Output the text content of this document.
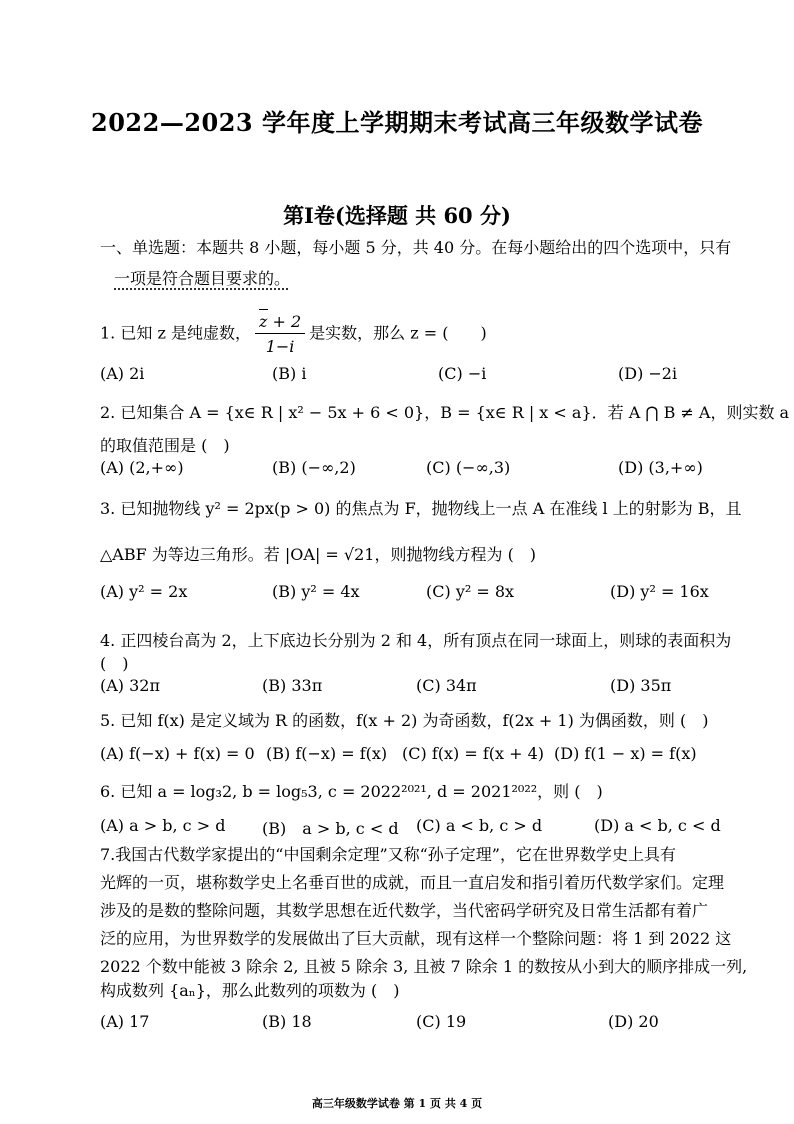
2022—2023 学年度上学期期末考试高三年级数学试卷
第Ⅰ卷(选择题 共 60 分)
一、单选题：本题共 8 小题，每小题 5 分，共 40 分。在每小题给出的四个选项中，只有
一项是符合题目要求的。
1. 已知 z 是纯虚数， $\frac{z + 2}{1-i}$ 是实数，那么 z = (　　)
(A) 2i	(B) i	(C) −i	(D) −2i
2. 已知集合 A = {x∈ R | x² − 5x + 6 < 0}，B = {x∈ R | x < a}．若 A ⋂ B ≠ A，则实数 a
的取值范围是 (　)
(A) (2,+∞)	(B) (−∞,2)	(C) (−∞,3)	(D) (3,+∞)
3. 已知抛物线 y² = 2px(p > 0) 的焦点为 F，抛物线上一点 A 在准线 l 上的射影为 B，且
△ABF 为等边三角形。若 |OA| = √21，则抛物线方程为 (　)
(A) y² = 2x	(B) y² = 4x	(C) y² = 8x	(D) y² = 16x
4. 正四棱台高为 2，上下底边长分别为 2 和 4，所有顶点在同一球面上，则球的表面积为
(　)
(A) 32π	(B) 33π	(C) 34π	(D) 35π
5. 已知 f(x) 是定义域为 R 的函数，f(x + 2) 为奇函数，f(2x + 1) 为偶函数，则 (　)
(A) f(−x) + f(x) = 0 (B) f(−x) = f(x) (C) f(x) = f(x + 4) (D) f(1 − x) = f(x)
6. 已知 a = log₃2, b = log₅3, c = 2022²⁰²¹, d = 2021²⁰²²，则 (　)
(A) a > b, c > d (B)　a > b, c < d (C) a < b, c > d	(D) a < b, c < d
7.我国古代数学家提出的“中国剩余定理”又称“孙子定理”，它在世界数学史上具有
光辉的一页，堪称数学史上名垂百世的成就，而且一直启发和指引着历代数学家们。定理
涉及的是数的整除问题，其数学思想在近代数学，当代密码学研究及日常生活都有着广
泛的应用，为世界数学的发展做出了巨大贡献，现有这样一个整除问题：将 1 到 2022 这
2022 个数中能被 3 除余 2, 且被 5 除余 3, 且被 7 除余 1 的数按从小到大的顺序排成一列,
构成数列 {aₙ}，那么此数列的项数为 (　)
(A) 17	(B) 18	(C) 19	(D) 20
高三年级数学试卷 第 1 页 共 4 页
